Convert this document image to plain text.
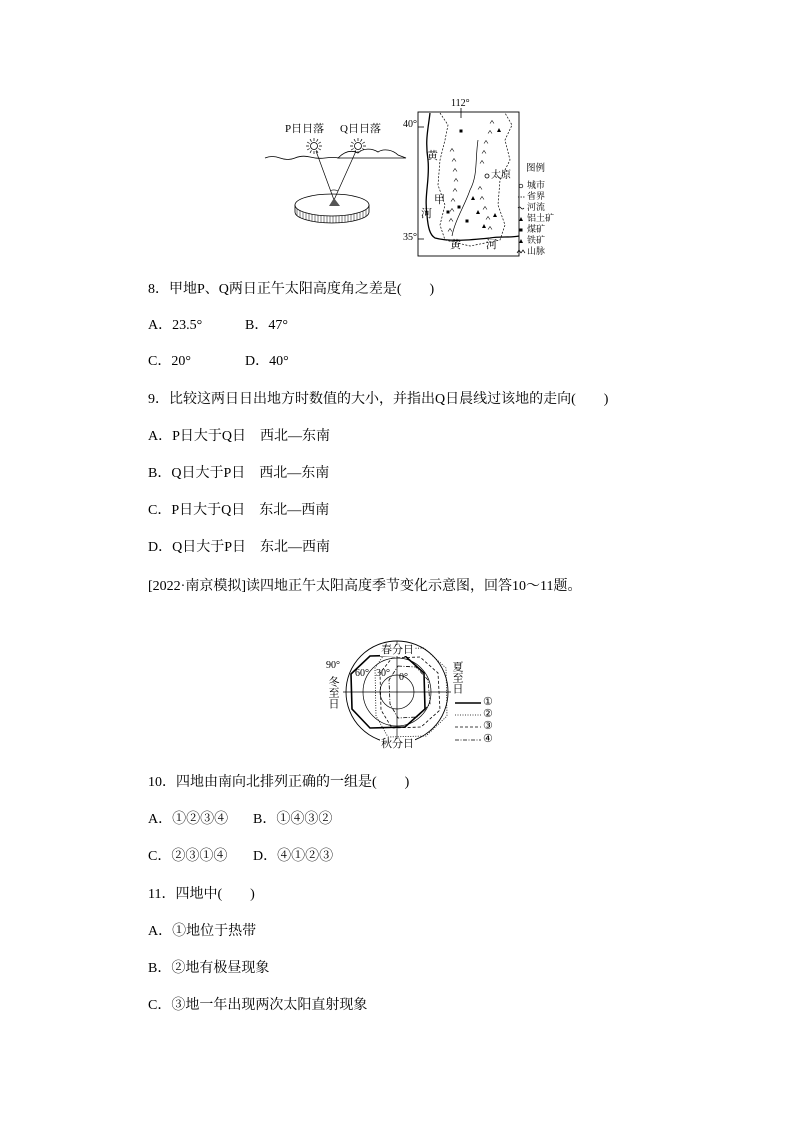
P日日落 Q日日落
112°
40°
35°
黄
河
甲
太原
黄 河
图例
城市
省界
河流
铝土矿
煤矿
铁矿
山脉
8．甲地P、Q两日正午太阳高度角之差是(　　)
A．23.5°	B．47°
C．20°	D．40°
9．比较这两日日出地方时数值的大小，并指出Q日晨线过该地的走向(　　)
A．P日大于Q日　西北—东南
B．Q日大于P日　西北—东南
C．P日大于Q日　东北—西南
D．Q日大于P日　东北—西南
[2022·南京模拟]读四地正午太阳高度季节变化示意图，回答10～11题。
春分日
秋分日
冬至日	夏至日
90°
60° 30° 0°
①
②
③
④
10．四地由南向北排列正确的一组是(　　)
A．①②③④ B．①④③②
C．②③①④ D．④①②③
11．四地中(　　)
A．①地位于热带
B．②地有极昼现象
C．③地一年出现两次太阳直射现象
